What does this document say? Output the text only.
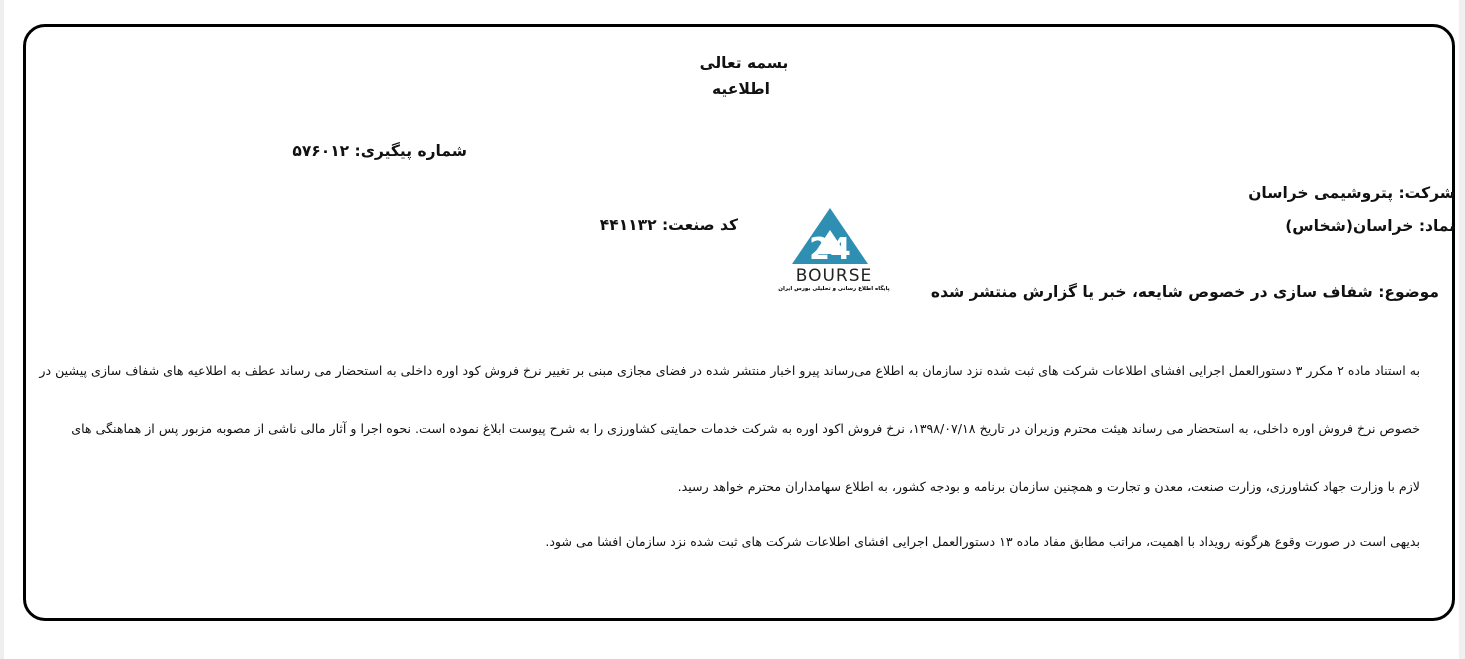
بسمه تعالی
اطلاعیه
شماره پیگیری: ۵۷۶۰۱۲
شرکت: پتروشیمی خراسان
نماد: خراسان(شخاس)
کد صنعت: ۴۴۱۱۳۲
24
BOURSE
پایگاه اطلاع رسانی و تحلیلی بورس ایران	موضوع: شفاف سازی در خصوص شایعه، خبر یا گزارش منتشر شده
به استناد ماده ۲ مکرر ۳ دستورالعمل اجرایی افشای اطلاعات شرکت های ثبت شده نزد سازمان به اطلاع می‌رساند پیرو اخبار منتشر شده در فضای مجازی مبنی بر تغییر نرخ فروش کود اوره داخلی به استحضار می رساند عطف به اطلاعیه های شفاف سازی پیشین در
خصوص نرخ فروش اوره داخلی، به استحضار می رساند هیئت محترم وزیران در تاریخ ۱۳۹۸/۰۷/۱۸، نرخ فروش اکود اوره به شرکت خدمات حمایتی کشاورزی را به شرح پیوست ابلاغ نموده است. نحوه اجرا و آثار مالی ناشی از مصوبه مزبور پس از هماهنگی های
لازم با وزارت جهاد کشاورزی، وزارت صنعت، معدن و تجارت و همچنین سازمان برنامه و بودجه کشور، به اطلاع سهامداران محترم خواهد رسید.
بدیهی است در صورت وقوع هرگونه رویداد با اهمیت، مراتب مطابق مفاد ماده ۱۳ دستورالعمل اجرایی افشای اطلاعات شرکت های ثبت شده نزد سازمان افشا می شود.
